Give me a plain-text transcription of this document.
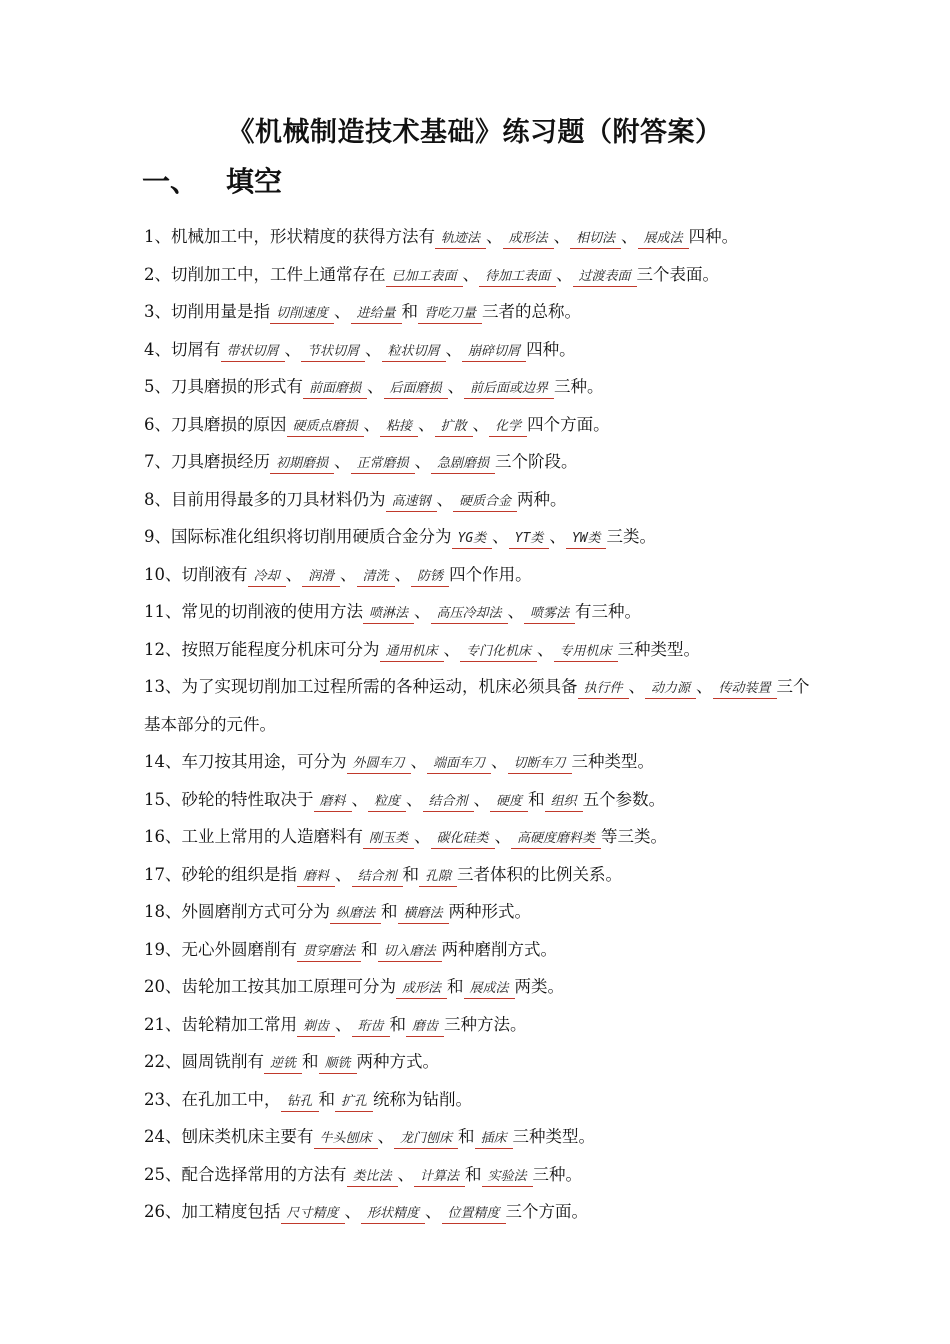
《机械制造技术基础》练习题（附答案）
一、 填空
1、机械加工中，形状精度的获得方法有 轨迹法 、 成形法 、 相切法 、 展成法 四种。
2、切削加工中，工件上通常存在 已加工表面 、 待加工表面 、 过渡表面 三个表面。
3、切削用量是指 切削速度 、 进给量 和 背吃刀量 三者的总称。
4、切屑有 带状切屑 、 节状切屑 、 粒状切屑 、 崩碎切屑 四种。
5、刀具磨损的形式有 前面磨损 、 后面磨损 、 前后面或边界 三种。
6、刀具磨损的原因 硬质点磨损 、 粘接 、 扩散 、 化学 四个方面。
7、刀具磨损经历 初期磨损 、 正常磨损 、 急剧磨损 三个阶段。
8、目前用得最多的刀具材料仍为 高速钢 、 硬质合金 两种。
9、国际标准化组织将切削用硬质合金分为 YG类 、 YT类 、 YW类 三类。
10、切削液有 冷却 、 润滑 、 清洗 、 防锈 四个作用。
11、常见的切削液的使用方法 喷淋法 、 高压冷却法 、 喷雾法 有三种。
12、按照万能程度分机床可分为 通用机床 、 专门化机床 、 专用机床 三种类型。
13、为了实现切削加工过程所需的各种运动，机床必须具备 执行件 、 动力源 、 传动装置 三个基本部分的元件。
14、车刀按其用途，可分为 外圆车刀 、 端面车刀 、 切断车刀 三种类型。
15、砂轮的特性取决于 磨料 、 粒度 、 结合剂 、 硬度 和 组织 五个参数。
16、工业上常用的人造磨料有 刚玉类 、 碳化硅类 、 高硬度磨料类 等三类。
17、砂轮的组织是指 磨料 、 结合剂 和 孔隙 三者体积的比例关系。
18、外圆磨削方式可分为 纵磨法 和 横磨法 两种形式。
19、无心外圆磨削有 贯穿磨法 和 切入磨法 两种磨削方式。
20、齿轮加工按其加工原理可分为 成形法 和 展成法 两类。
21、齿轮精加工常用 剃齿 、 珩齿 和 磨齿 三种方法。
22、圆周铣削有 逆铣 和 顺铣 两种方式。
23、在孔加工中， 钻孔 和 扩孔 统称为钻削。
24、刨床类机床主要有 牛头刨床 、 龙门刨床 和 插床 三种类型。
25、配合选择常用的方法有 类比法 、 计算法 和 实验法 三种。
26、加工精度包括 尺寸精度 、 形状精度 、 位置精度 三个方面。
